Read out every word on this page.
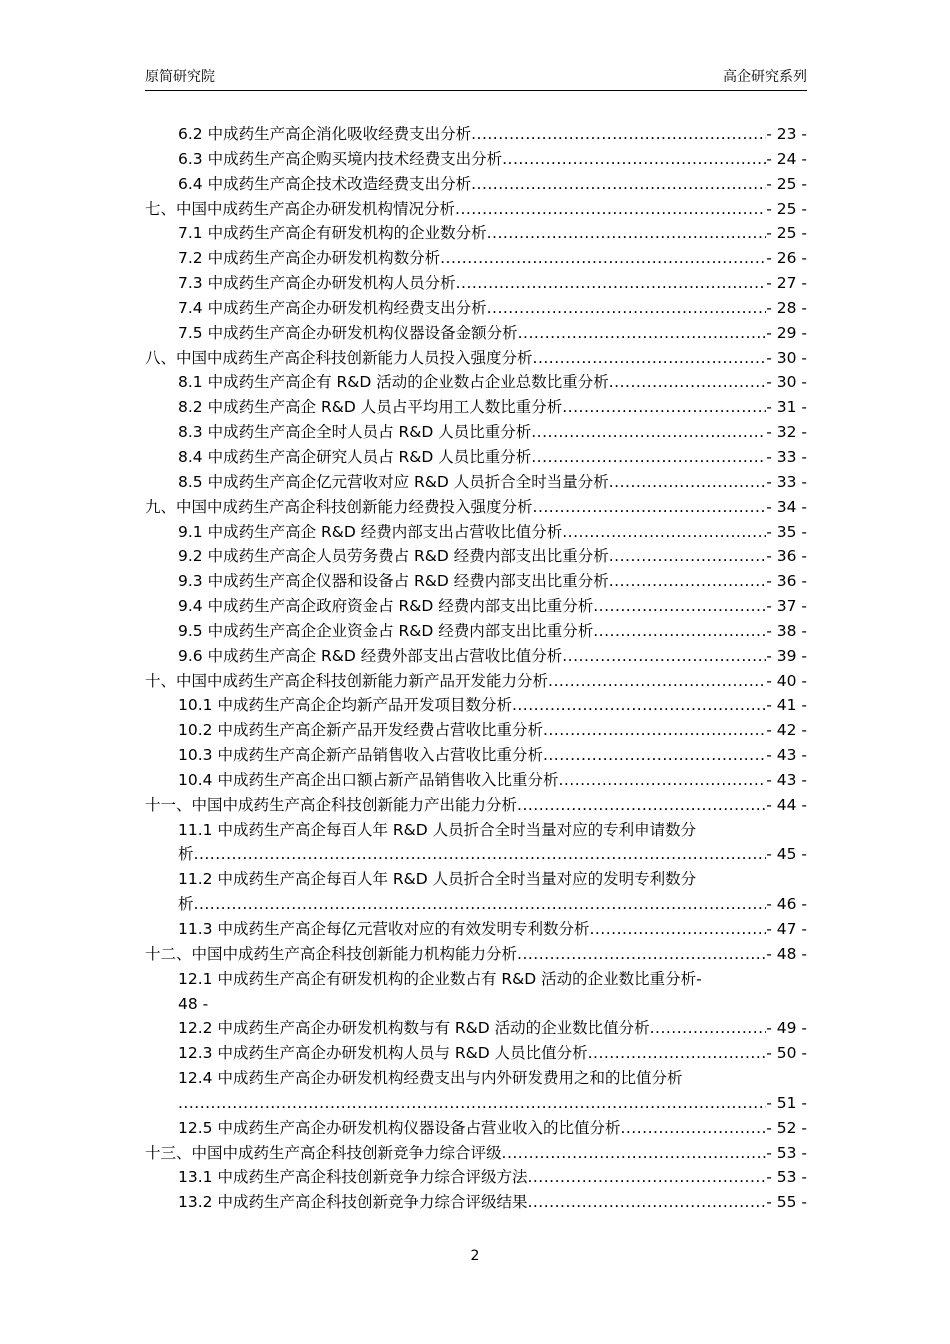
原简研究院	高企研究系列
6.2 中成药生产高企消化吸收经费支出分析 .....	- 23 -
6.3 中成药生产高企购买境内技术经费支出分析 .....	- 24 -
6.4 中成药生产高企技术改造经费支出分析 .....	- 25 -
七、中国中成药生产高企办研发机构情况分析 .....	- 25 -
7.1 中成药生产高企有研发机构的企业数分析 .....	- 25 -
7.2 中成药生产高企办研发机构数分析 .....	- 26 -
7.3 中成药生产高企办研发机构人员分析 .....	- 27 -
7.4 中成药生产高企办研发机构经费支出分析 .....	- 28 -
7.5 中成药生产高企办研发机构仪器设备金额分析 .....	- 29 -
八、中国中成药生产高企科技创新能力人员投入强度分析 .....	- 30 -
8.1 中成药生产高企有 R&D 活动的企业数占企业总数比重分析 .....	- 30 -
8.2 中成药生产高企 R&D 人员占平均用工人数比重分析 .....	- 31 -
8.3 中成药生产高企全时人员占 R&D 人员比重分析 .....	- 32 -
8.4 中成药生产高企研究人员占 R&D 人员比重分析 .....	- 33 -
8.5 中成药生产高企亿元营收对应 R&D 人员折合全时当量分析 .....	- 33 -
九、中国中成药生产高企科技创新能力经费投入强度分析 .....	- 34 -
9.1 中成药生产高企 R&D 经费内部支出占营收比值分析 .....	- 35 -
9.2 中成药生产高企人员劳务费占 R&D 经费内部支出比重分析 .....	- 36 -
9.3 中成药生产高企仪器和设备占 R&D 经费内部支出比重分析 .....	- 36 -
9.4 中成药生产高企政府资金占 R&D 经费内部支出比重分析 .....	- 37 -
9.5 中成药生产高企企业资金占 R&D 经费内部支出比重分析 .....	- 38 -
9.6 中成药生产高企 R&D 经费外部支出占营收比值分析 .....	- 39 -
十、中国中成药生产高企科技创新能力新产品开发能力分析 .....	- 40 -
10.1 中成药生产高企企均新产品开发项目数分析 .....	- 41 -
10.2 中成药生产高企新产品开发经费占营收比重分析 .....	- 42 -
10.3 中成药生产高企新产品销售收入占营收比重分析 .....	- 43 -
10.4 中成药生产高企出口额占新产品销售收入比重分析 .....	- 43 -
十一、中国中成药生产高企科技创新能力产出能力分析 .....	- 44 -
11.1 中成药生产高企每百人年 R&D 人员折合全时当量对应的专利申请数分
析 .....	- 45 -
11.2 中成药生产高企每百人年 R&D 人员折合全时当量对应的发明专利数分
析 .....	- 46 -
11.3 中成药生产高企每亿元营收对应的有效发明专利数分析 .....	- 47 -
十二、中国中成药生产高企科技创新能力机构能力分析 .....	- 48 -
12.1 中成药生产高企有研发机构的企业数占有 R&D 活动的企业数比重分析-
48 -
12.2 中成药生产高企办研发机构数与有 R&D 活动的企业数比值分析 .....	- 49 -
12.3 中成药生产高企办研发机构人员与 R&D 人员比值分析 .....	- 50 -
12.4 中成药生产高企办研发机构经费支出与内外研发费用之和的比值分析
.....
- 51 -
12.5 中成药生产高企办研发机构仪器设备占营业收入的比值分析 .....	- 52 -
十三、中国中成药生产高企科技创新竞争力综合评级 .....	- 53 -
13.1 中成药生产高企科技创新竞争力综合评级方法 .....	- 53 -
13.2 中成药生产高企科技创新竞争力综合评级结果 .....	- 55 -
2
